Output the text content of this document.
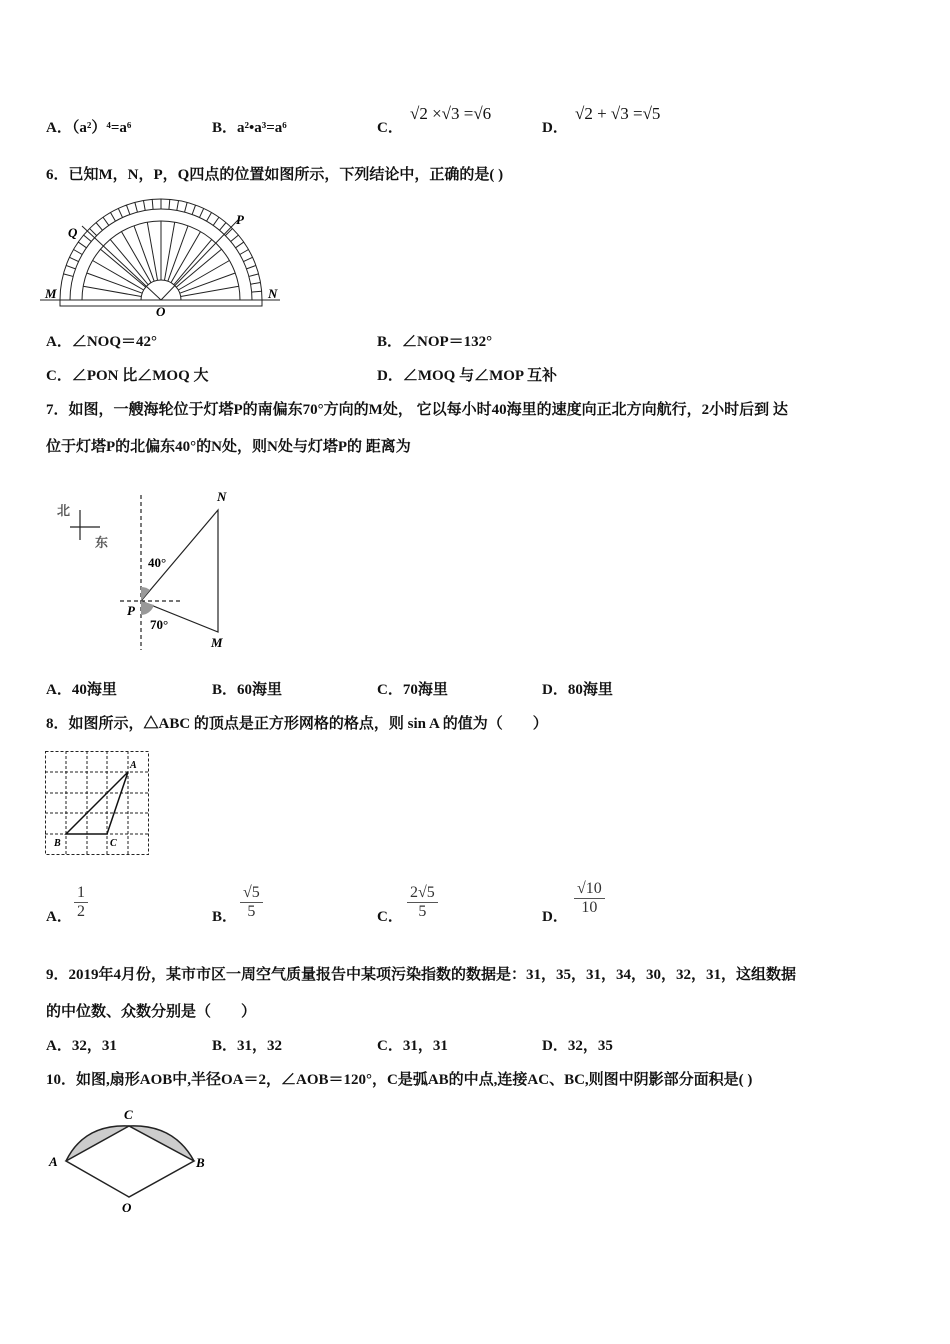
A．（a²）⁴=a⁶	B．a²•a³=a⁶	C．
√2 ×√3 =√6
D．
√2 + √3 =√5
6．已知M，N，P，Q四点的位置如图所示，下列结论中，正确的是( )
M	N
O
P
Q
A．∠NOQ＝42°	B．∠NOP＝132°
C．∠PON 比∠MOQ 大	D．∠MOQ 与∠MOP 互补
7．如图，一艘海轮位于灯塔P的南偏东70°方向的M处， 它以每小时40海里的速度向正北方向航行，2小时后到 达
位于灯塔P的北偏东40°的N处，则N处与灯塔P的 距离为
北
东
N
M
P
40°
70°
A．40海里	B．60海里	C．70海里	D．80海里
8．如图所示，△ABC 的顶点是正方形网格的格点，则 sin A 的值为（　　）
A
B	C
A． $\frac{1}{2}$	B． $\frac{√5}{5}$	C． $\frac{2√5}{5}$	D． $\frac{√10}{10}$
9．2019年4月份，某市市区一周空气质量报告中某项污染指数的数据是：31，35，31，34，30，32，31，这组数据
的中位数、众数分别是（　　）
A．32，31	B．31，32	C．31，31	D．32，35
10．如图,扇形AOB中,半径OA＝2，∠AOB＝120°，C是弧AB的中点,连接AC、BC,则图中阴影部分面积是( )
A	B
C
O
